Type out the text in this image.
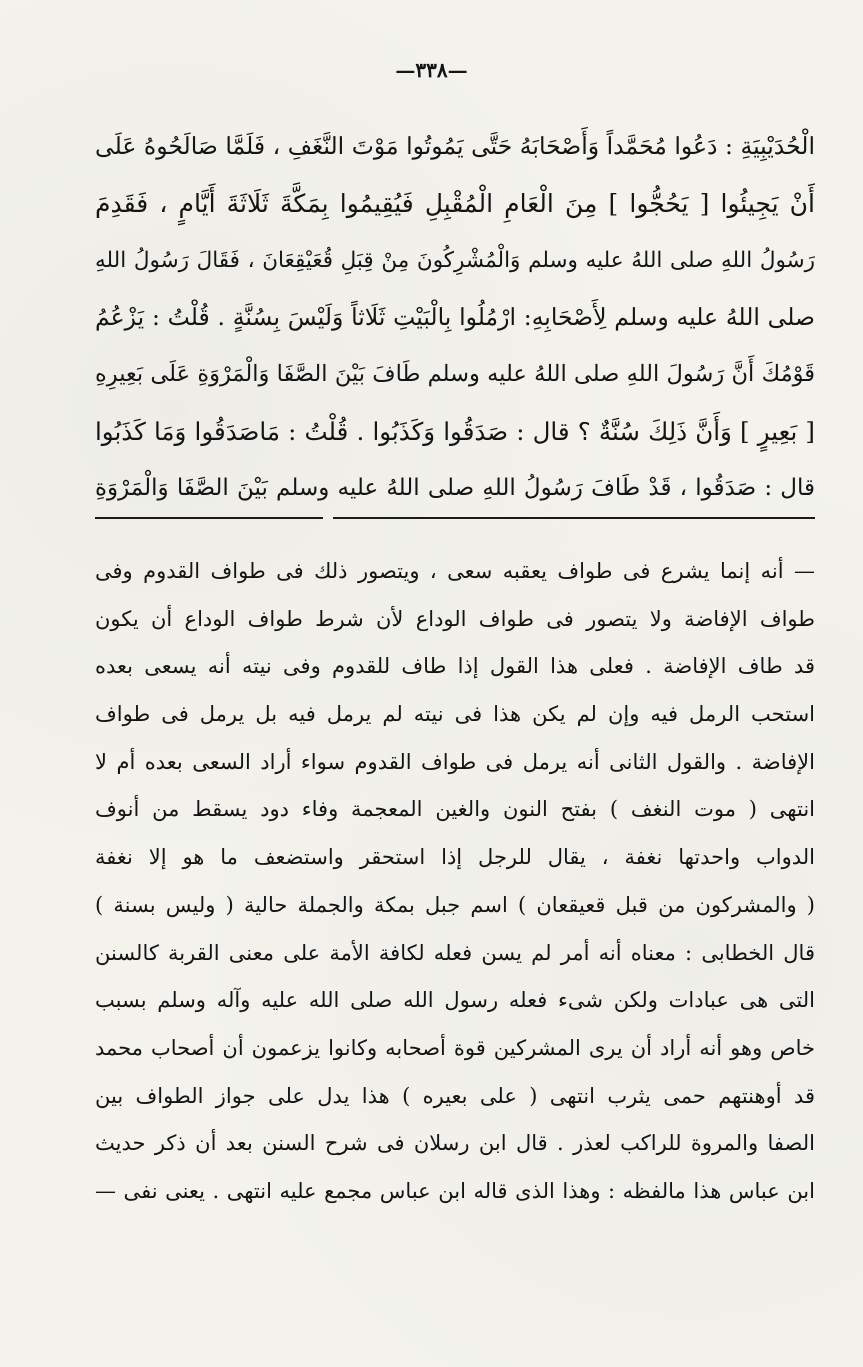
—٣٣٨—
الْحُدَيْبِيَةِ : دَعُوا مُحَمَّداً وَأَصْحَابَهُ حَتَّى يَمُوتُوا مَوْتَ النَّغَفِ ، فَلَمَّا صَالَحُوهُ عَلَى
أَنْ يَجِيئُوا [ يَحُجُّوا ] مِنَ الْعَامِ الْمُقْبِلِ فَيُقِيمُوا بِمَكَّةَ ثَلَاثَةَ أَيَّامٍ ، فَقَدِمَ
رَسُولُ اللهِ صلى اللهُ عليه وسلم وَالْمُشْرِكُونَ مِنْ قِبَلِ قُعَيْقِعَانَ ، فَقَالَ رَسُولُ اللهِ
صلى اللهُ عليه وسلم لِأَصْحَابِهِ: ارْمُلُوا بِالْبَيْتِ ثَلَاثاً وَلَيْسَ بِسُنَّةٍ . قُلْتُ : يَزْعُمُ
قَوْمُكَ أَنَّ رَسُولَ اللهِ صلى اللهُ عليه وسلم طَافَ بَيْنَ الصَّفَا وَالْمَرْوَةِ عَلَى بَعِيرِهِ
[ بَعِيرٍ ] وَأَنَّ ذَلِكَ سُنَّةٌ ؟ قال : صَدَقُوا وَكَذَبُوا . قُلْتُ : مَاصَدَقُوا وَمَا كَذَبُوا
قال : صَدَقُوا ، قَدْ طَافَ رَسُولُ اللهِ صلى اللهُ عليه وسلم بَيْنَ الصَّفَا وَالْمَرْوَةِ
— أنه إنما يشرع فى طواف يعقبه سعى ، ويتصور ذلك فى طواف القدوم وفى
طواف الإفاضة ولا يتصور فى طواف الوداع لأن شرط طواف الوداع أن يكون
قد طاف الإفاضة . فعلى هذا القول إذا طاف للقدوم وفى نيته أنه يسعى بعده
استحب الرمل فيه وإن لم يكن هذا فى نيته لم يرمل فيه بل يرمل فى طواف
الإفاضة . والقول الثانى أنه يرمل فى طواف القدوم سواء أراد السعى بعده أم لا
انتهى ( موت النغف ) بفتح النون والغين المعجمة وفاء دود يسقط من أنوف
الدواب واحدتها نغفة ، يقال للرجل إذا استحقر واستضعف ما هو إلا نغفة
( والمشركون من قبل قعيقعان ) اسم جبل بمكة والجملة حالية ( وليس بسنة )
قال الخطابى : معناه أنه أمر لم يسن فعله لكافة الأمة على معنى القربة كالسنن
التى هى عبادات ولكن شىء فعله رسول الله صلى الله عليه وآله وسلم بسبب
خاص وهو أنه أراد أن يرى المشركين قوة أصحابه وكانوا يزعمون أن أصحاب محمد
قد أوهنتهم حمى يثرب انتهى ( على بعيره ) هذا يدل على جواز الطواف بين
الصفا والمروة للراكب لعذر . قال ابن رسلان فى شرح السنن بعد أن ذكر حديث
ابن عباس هذا مالفظه : وهذا الذى قاله ابن عباس مجمع عليه انتهى . يعنى نفى —
